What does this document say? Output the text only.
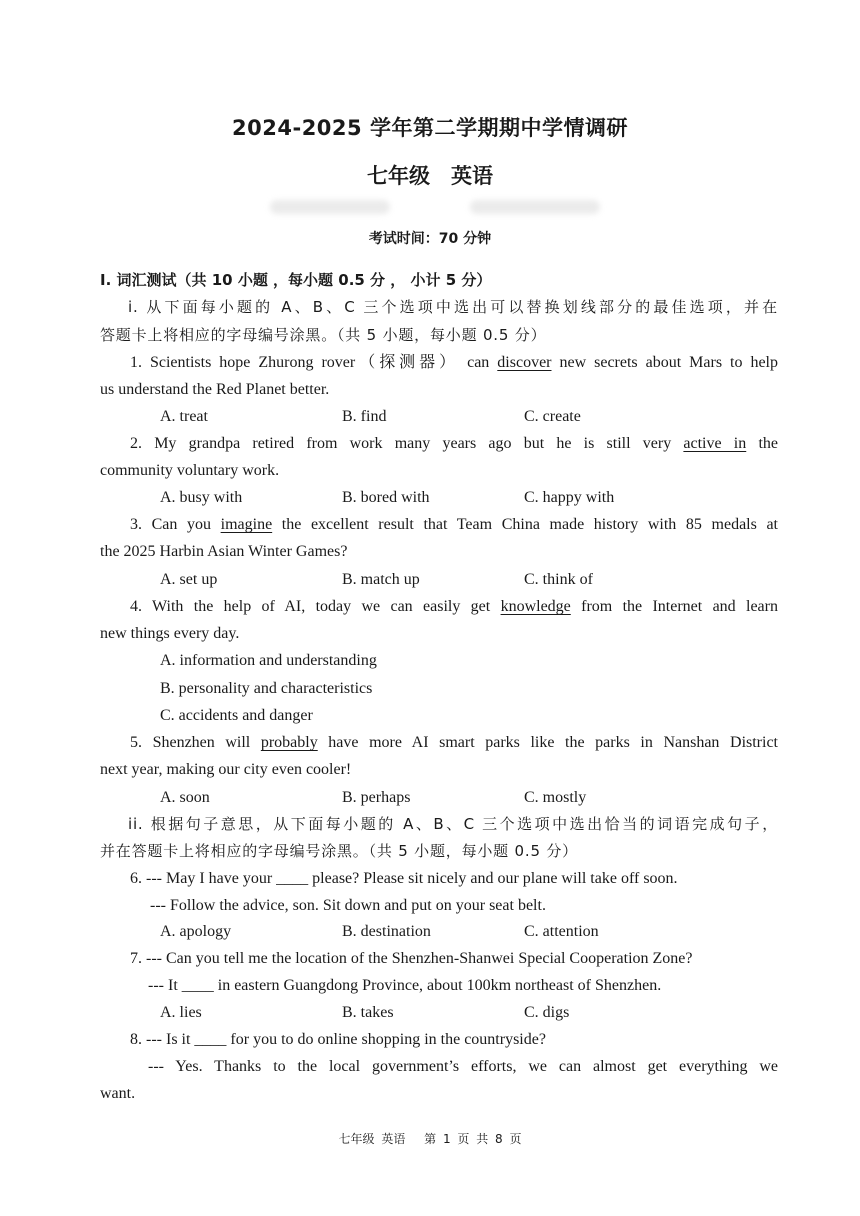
2024-2025 学年第二学期期中学情调研
七年级　英语
考试时间：70 分钟
I. 词汇测试（共 10 小题 ，每小题 0.5 分 ， 小计 5 分）
i. 从下面每小题的 A、B、C 三个选项中选出可以替换划线部分的最佳选项，并在
答题卡上将相应的字母编号涂黑。（共 5 小题，每小题 0.5 分）
1. Scientists hope Zhurong rover（探测器） can discover new secrets about Mars to help
us understand the Red Planet better.
A. treat	B. find	C. create
2. My grandpa retired from work many years ago but he is still very active in the
community voluntary work.
A. busy with	B. bored with	C. happy with
3. Can you imagine the excellent result that Team China made history with 85 medals at
the 2025 Harbin Asian Winter Games?
A. set up	B. match up	C. think of
4. With the help of AI, today we can easily get knowledge from the Internet and learn
new things every day.
A. information and understanding
B. personality and characteristics
C. accidents and danger
5. Shenzhen will probably have more AI smart parks like the parks in Nanshan District
next year, making our city even cooler!
A. soon	B. perhaps	C. mostly
ii. 根据句子意思，从下面每小题的 A、B、C 三个选项中选出恰当的词语完成句子，
并在答题卡上将相应的字母编号涂黑。（共 5 小题，每小题 0.5 分）
6. --- May I have your ____ please? Please sit nicely and our plane will take off soon.
--- Follow the advice, son. Sit down and put on your seat belt.
A. apology	B. destination	C. attention
7. --- Can you tell me the location of the Shenzhen-Shanwei Special Cooperation Zone?
--- It ____ in eastern Guangdong Province, about 100km northeast of Shenzhen.
A. lies	B. takes	C. digs
8. --- Is it ____ for you to do online shopping in the countryside?
--- Yes. Thanks to the local government’s efforts, we can almost get everything we
want.
七年级 英语　 第 1 页 共 8 页
